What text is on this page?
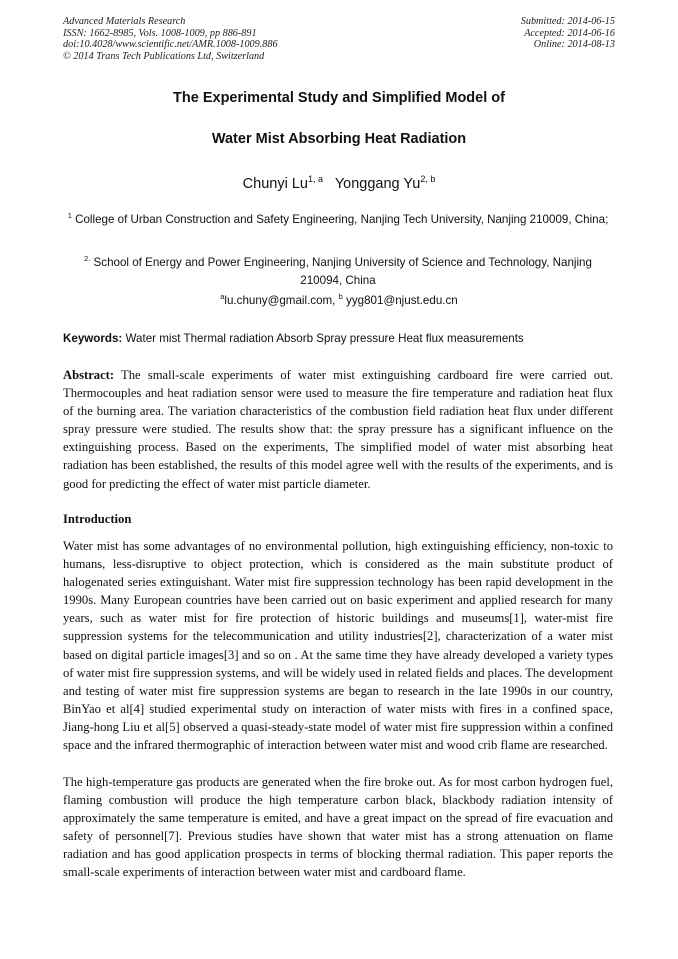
Advanced Materials Research
ISSN: 1662-8985, Vols. 1008-1009, pp 886-891
doi:10.4028/www.scientific.net/AMR.1008-1009.886
© 2014 Trans Tech Publications Ltd, Switzerland
Submitted: 2014-06-15
Accepted: 2014-06-16
Online: 2014-08-13
The Experimental Study and Simplified Model of
Water Mist Absorbing Heat Radiation
Chunyi Lu$^{1, a}$ Yonggang Yu$^{2, b}$
$^1$ College of Urban Construction and Safety Engineering, Nanjing Tech University, Nanjing 210009, China;
$^{2.}$ School of Energy and Power Engineering, Nanjing University of Science and Technology, Nanjing 210094, China
$^a$lu.chuny@gmail.com, $^b$ yyg801@njust.edu.cn
Keywords: Water mist Thermal radiation Absorb Spray pressure Heat flux measurements
Abstract: The small-scale experiments of water mist extinguishing cardboard fire were carried out. Thermocouples and heat radiation sensor were used to measure the fire temperature and radiation heat flux of the burning area. The variation characteristics of the combustion field radiation heat flux under different spray pressure were studied. The results show that: the spray pressure has a significant influence on the extinguishing process. Based on the experiments, The simplified model of water mist absorbing heat radiation has been established, the results of this model agree well with the results of the experiments, and is good for predicting the effect of water mist particle diameter.
Introduction
Water mist has some advantages of no environmental pollution, high extinguishing efficiency, non-toxic to humans, less-disruptive to object protection, which is considered as the main substitute product of halogenated series extinguishant. Water mist fire suppression technology has been rapid development in the 1990s. Many European countries have been carried out on basic experiment and applied research for many years, such as water mist for fire protection of historic buildings and museums[1], water-mist fire suppression systems for the telecommunication and utility industries[2], characterization of a water mist based on digital particle images[3] and so on . At the same time they have already developed a variety types of water mist fire suppression systems, and will be widely used in related fields and places. The development and testing of water mist fire suppression systems are began to research in the late 1990s in our country, BinYao et al[4] studied experimental study on interaction of water mists with fires in a confined space, Jiang-hong Liu et al[5] observed a quasi-steady-state model of water mist fire suppression within a confined space and the infrared thermographic of interaction between water mist and wood crib flame are researched.
The high-temperature gas products are generated when the fire broke out. As for most carbon hydrogen fuel, flaming combustion will produce the high temperature carbon black, blackbody radiation intensity of approximately the same temperature is emited, and have a great impact on the spread of fire evacuation and safety of personnel[7]. Previous studies have shown that water mist has a strong attenuation on flame radiation and has good application prospects in terms of blocking thermal radiation. This paper reports the small-scale experiments of interaction between water mist and cardboard flame.
